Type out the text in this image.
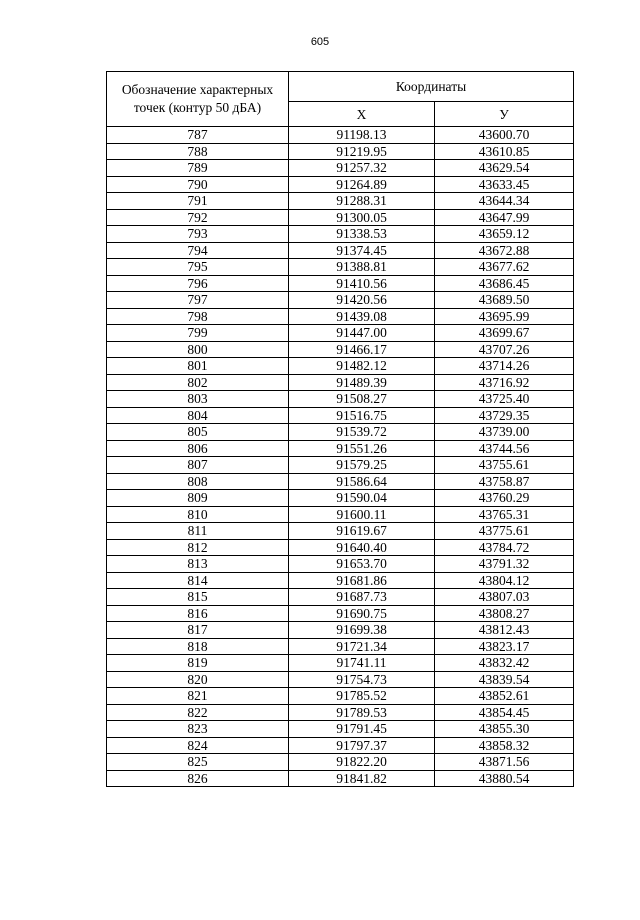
605
Обозначение характерных точек (контур 50 дБА)	Координаты	
	X	У
787	91198.13	43600.70
788	91219.95	43610.85
789	91257.32	43629.54
790	91264.89	43633.45
791	91288.31	43644.34
792	91300.05	43647.99
793	91338.53	43659.12
794	91374.45	43672.88
795	91388.81	43677.62
796	91410.56	43686.45
797	91420.56	43689.50
798	91439.08	43695.99
799	91447.00	43699.67
800	91466.17	43707.26
801	91482.12	43714.26
802	91489.39	43716.92
803	91508.27	43725.40
804	91516.75	43729.35
805	91539.72	43739.00
806	91551.26	43744.56
807	91579.25	43755.61
808	91586.64	43758.87
809	91590.04	43760.29
810	91600.11	43765.31
811	91619.67	43775.61
812	91640.40	43784.72
813	91653.70	43791.32
814	91681.86	43804.12
815	91687.73	43807.03
816	91690.75	43808.27
817	91699.38	43812.43
818	91721.34	43823.17
819	91741.11	43832.42
820	91754.73	43839.54
821	91785.52	43852.61
822	91789.53	43854.45
823	91791.45	43855.30
824	91797.37	43858.32
825	91822.20	43871.56
826	91841.82	43880.54
